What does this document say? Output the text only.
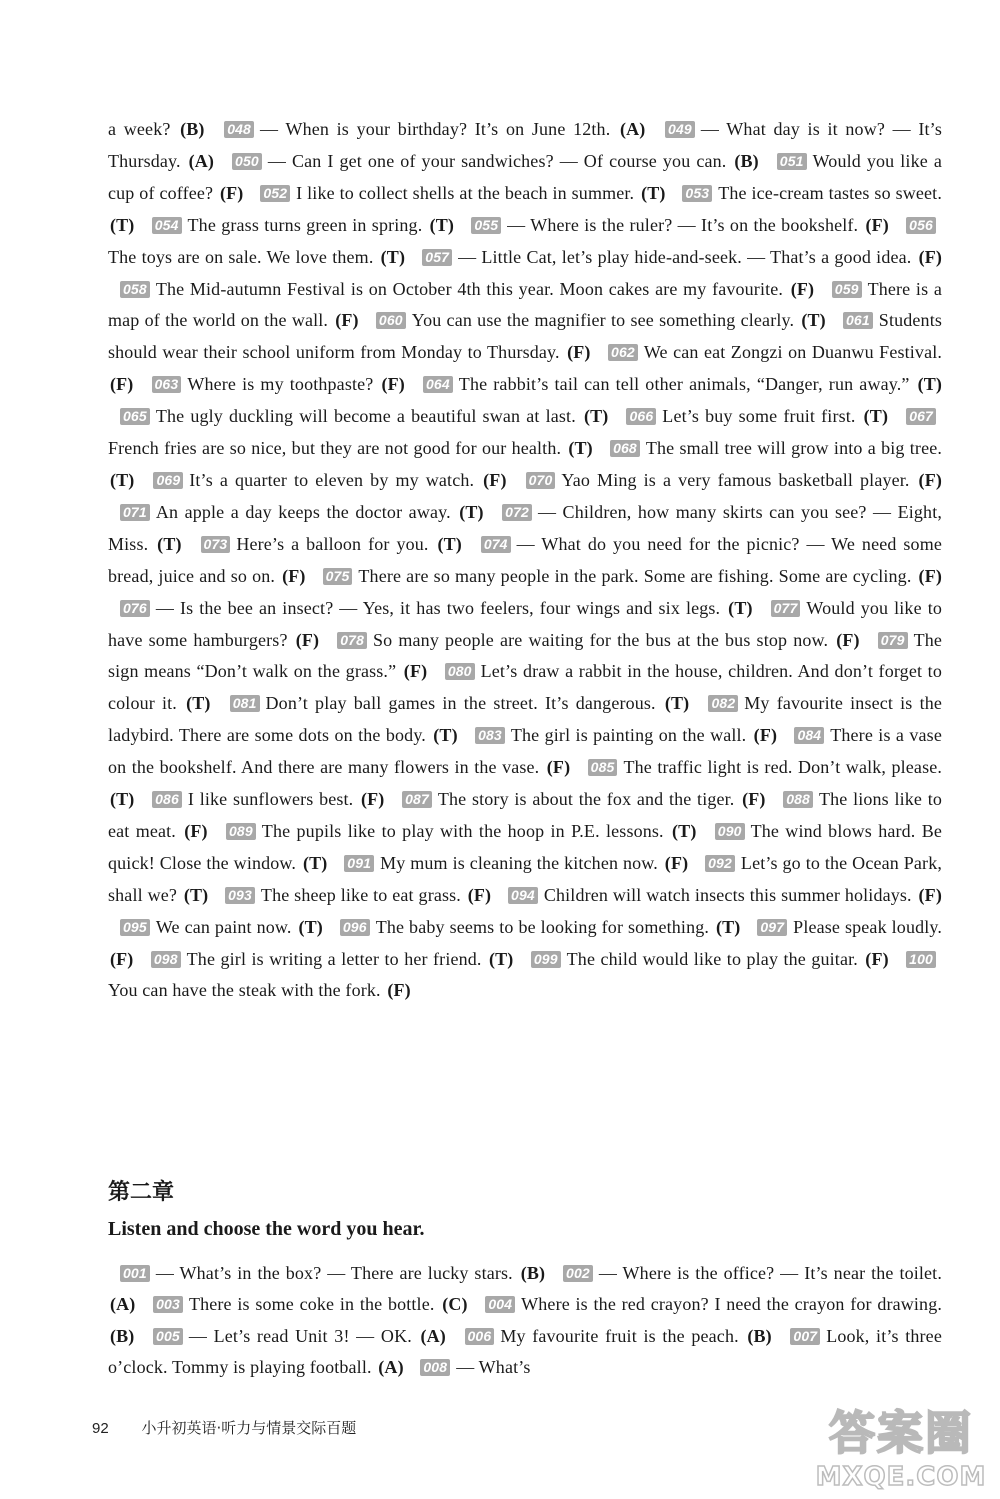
a week? (B) 048 — When is your birthday? It’s on June 12th. (A) 049 — What day is it now? — It’s Thursday. (A) 050 — Can I get one of your sandwiches? — Of course you can. (B) 051 Would you like a cup of coffee? (F) 052 I like to collect shells at the beach in summer. (T) 053 The ice-cream tastes so sweet. (T) 054 The grass turns green in spring. (T) 055 — Where is the ruler? — It’s on the bookshelf. (F) 056The toys are on sale. We love them. (T) 057 — Little Cat, let’s play hide-and-seek. — That’s a good idea. (F) 058 The Mid-autumn Festival is on October 4th this year. Moon cakes are my favourite. (F) 059 There is a map of the world on the wall. (F) 060 You can use the magnifier to see something clearly. (T) 061 Students should wear their school uniform from Monday to Thursday. (F) 062 We can eat Zongzi on Duanwu Festival. (F) 063 Where is my toothpaste? (F) 064 The rabbit’s tail can tell other animals, “Danger, run away.” (T) 065 The ugly duckling will become a beautiful swan at last. (T) 066 Let’s buy some fruit first. (T) 067French fries are so nice, but they are not good for our health. (T) 068 The small tree will grow into a big tree. (T) 069 It’s a quarter to eleven by my watch. (F) 070 Yao Ming is a very famous basketball player. (F) 071 An apple a day keeps the doctor away. (T) 072 — Children, how many skirts can you see? — Eight, Miss. (T) 073 Here’s a balloon for you. (T) 074 — What do you need for the picnic? — We need some bread, juice and so on. (F) 075 There are so many people in the park. Some are fishing. Some are cycling. (F) 076 — Is the bee an insect? — Yes, it has two feelers, four wings and six legs. (T) 077 Would you like to have some hamburgers? (F) 078 So many people are waiting for the bus at the bus stop now. (F) 079 The sign means “Don’t walk on the grass.” (F) 080 Let’s draw a rabbit in the house, children. And don’t forget to colour it. (T) 081 Don’t play ball games in the street. It’s dangerous. (T) 082 My favourite insect is the ladybird. There are some dots on the body. (T) 083 The girl is painting on the wall. (F) 084 There is a vase on the bookshelf. And there are many flowers in the vase. (F) 085 The traffic light is red. Don’t walk, please. (T) 086 I like sunflowers best. (F) 087 The story is about the fox and the tiger. (F) 088 The lions like to eat meat. (F) 089 The pupils like to play with the hoop in P.E. lessons. (T) 090 The wind blows hard. Be quick! Close the window. (T) 091 My mum is cleaning the kitchen now. (F) 092 Let’s go to the Ocean Park, shall we? (T) 093 The sheep like to eat grass. (F) 094 Children will watch insects this summer holidays. (F) 095 We can paint now. (T) 096 The baby seems to be looking for something. (T) 097 Please speak loudly. (F) 098 The girl is writing a letter to her friend. (T) 099 The child would like to play the guitar. (F) 100You can have the steak with the fork. (F)
第二章
Listen and choose the word you hear.
001 — What’s in the box? — There are lucky stars. (B) 002 — Where is the office? — It’s near the toilet. (A) 003 There is some coke in the bottle. (C) 004 Where is the red crayon? I need the crayon for drawing. (B) 005 — Let’s read Unit 3! — OK. (A) 006 My favourite fruit is the peach. (B) 007 Look, it’s three o’clock. Tommy is playing football. (A) 008 — What’s
92 小升初英语·听力与情景交际百题	答案圈
MXQE.COM
